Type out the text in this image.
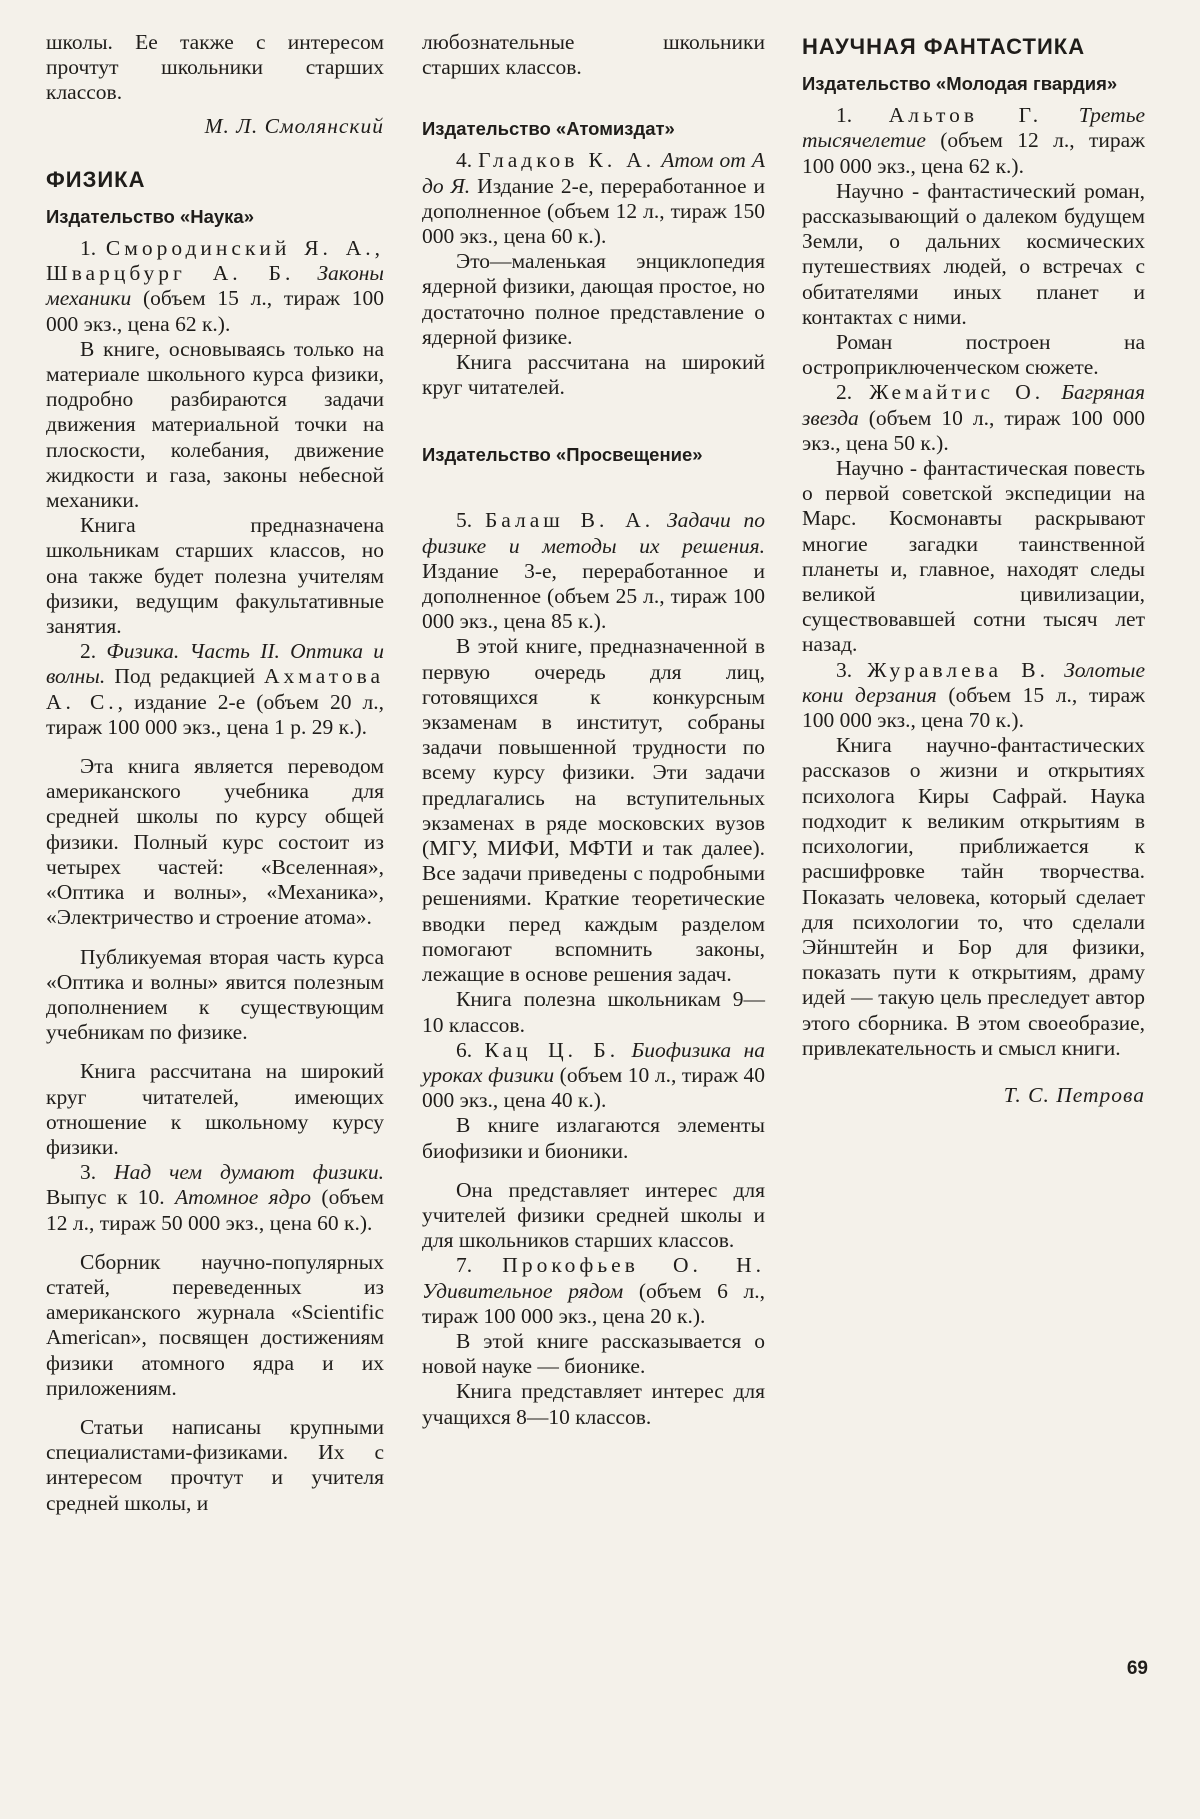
школы. Ее также с интересом прочтут школьники старших классов.

М. Л. Смолянский

ФИЗИКА
Издательство «Наука»

1. Смородинский Я. А., Шварцбург А. Б. Законы механики (объем 15 л., тираж 100 000 экз., цена 62 к.).

В книге, основываясь только на материале школьного курса физики, подробно разбираются задачи движения материальной точки на плоскости, колебания, движение жидкости и газа, законы небесной механики.

Книга предназначена школьникам старших классов, но она также будет полезна учителям физики, ведущим факультативные занятия.

2. Физика. Часть II. Оптика и волны. Под редакцией Ахматова А. С., издание 2-е (объем 20 л., тираж 100 000 экз., цена 1 р. 29 к.).

Эта книга является переводом американского учебника для средней школы по курсу общей физики. Полный курс состоит из четырех частей: «Вселенная», «Оптика и волны», «Механика», «Электричество и строение атома».

Публикуемая вторая часть курса «Оптика и волны» явится полезным дополнением к существующим учебникам по физике.

Книга рассчитана на широкий круг читателей, имеющих отношение к школьному курсу физики.

3. Над чем думают физики. Выпус к 10. Атомное ядро (объем 12 л., тираж 50 000 экз., цена 60 к.).

Сборник научно-популярных статей, переведенных из американского журнала «Scientific American», посвящен достижениям физики атомного ядра и их приложениям.

Статьи написаны крупными специалистами-физиками. Их с интересом прочтут и учителя средней школы, и

любознательные школьники старших классов.

Издательство «Атомиздат»

4. Гладков К. А. Атом от А до Я. Издание 2-е, переработанное и дополненное (объем 12 л., тираж 150 000 экз., цена 60 к.).

Это—маленькая энциклопедия ядерной физики, дающая простое, но достаточно полное представление о ядерной физике.

Книга рассчитана на широкий круг читателей.

Издательство «Просвещение»

5. Балаш В. А. Задачи по физике и методы их решения. Издание 3-е, переработанное и дополненное (объем 25 л., тираж 100 000 экз., цена 85 к.).

В этой книге, предназначенной в первую очередь для лиц, готовящихся к конкурсным экзаменам в институт, собраны задачи повышенной трудности по всему курсу физики. Эти задачи предлагались на вступительных экзаменах в ряде московских вузов (МГУ, МИФИ, МФТИ и так далее). Все задачи приведены с подробными решениями. Краткие теоретические вводки перед каждым разделом помогают вспомнить законы, лежащие в основе решения задач.

Книга полезна школьникам 9—10 классов.

6. Кац Ц. Б. Биофизика на уроках физики (объем 10 л., тираж 40 000 экз., цена 40 к.).

В книге излагаются элементы биофизики и бионики.

Она представляет интерес для учителей физики средней школы и для школьников старших классов.

7. Прокофьев О. Н. Удивительное рядом (объем 6 л., тираж 100 000 экз., цена 20 к.).

В этой книге рассказывается о новой науке — бионике.

Книга представляет интерес для учащихся 8—10 классов.

НАУЧНАЯ ФАНТАСТИКА
Издательство «Молодая гвардия»

1. Альтов Г. Третье тысячелетие (объем 12 л., тираж 100 000 экз., цена 62 к.).

Научно - фантастический роман, рассказывающий о далеком будущем Земли, о дальних космических путешествиях людей, о встречах с обитателями иных планет и контактах с ними.

Роман построен на остроприключенческом сюжете.

2. Жемайтис О. Багряная звезда (объем 10 л., тираж 100 000 экз., цена 50 к.).

Научно - фантастическая повесть о первой советской экспедиции на Марс. Космонавты раскрывают многие загадки таинственной планеты и, главное, находят следы великой цивилизации, существовавшей сотни тысяч лет назад.

3. Журавлева В. Золотые кони дерзания (объем 15 л., тираж 100 000 экз., цена 70 к.).

Книга научно-фантастических рассказов о жизни и открытиях психолога Киры Сафрай. Наука подходит к великим открытиям в психологии, приближается к расшифровке тайн творчества. Показать человека, который сделает для психологии то, что сделали Эйнштейн и Бор для физики, показать пути к открытиям, драму идей — такую цель преследует автор этого сборника. В этом своеобразие, привлекательность и смысл книги.

Т. С. Петрова

69
